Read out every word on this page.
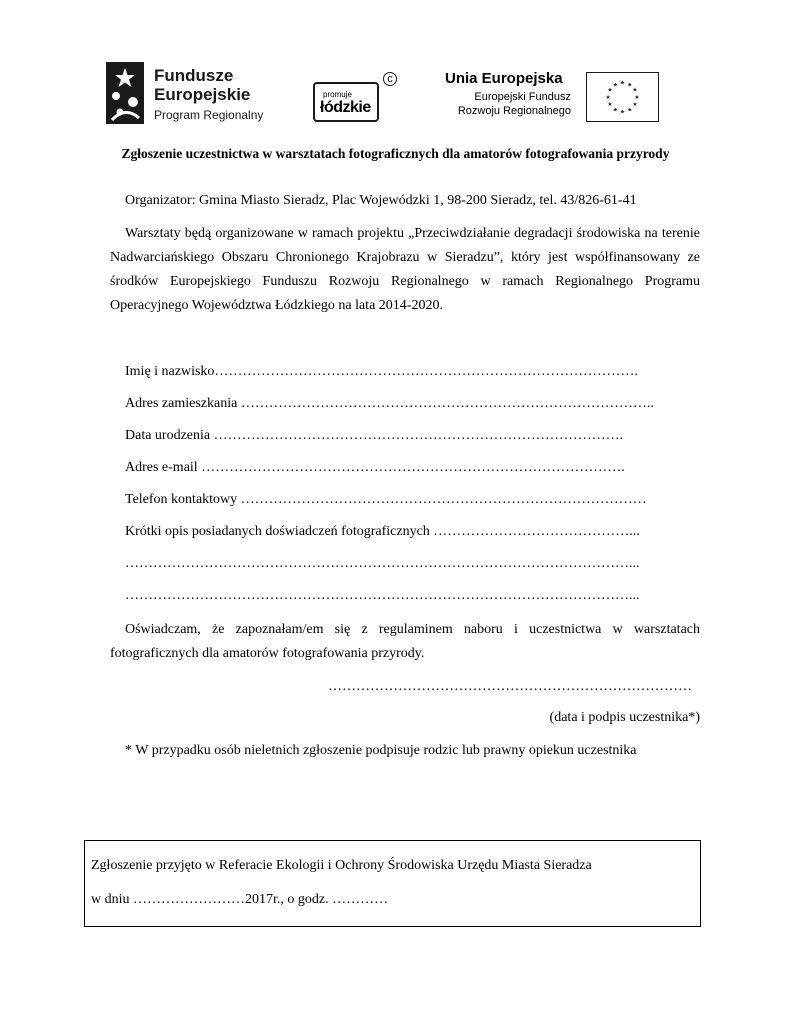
Fundusze
Europejskie
Program Regionalny
promuje
łódzkie
c	Unia Europejska
Europejski Fundusz
Rozwoju Regionalnego
★ ★
★
★
★
★
★
★
★
★
★
★
Zgłoszenie uczestnictwa w warsztatach fotograficznych dla amatorów fotografowania przyrody
Organizator: Gmina Miasto Sieradz, Plac Wojewódzki 1, 98-200 Sieradz, tel. 43/826-61-41
Warsztaty będą organizowane w ramach projektu „Przeciwdziałanie degradacji środowiska na terenie Nadwarciańskiego Obszaru Chronionego Krajobrazu w Sieradzu”, który jest współfinansowany ze środków Europejskiego Funduszu Rozwoju Regionalnego w ramach Regionalnego Programu Operacyjnego Województwa Łódzkiego na lata 2014-2020.
Imię i nazwisko……………………………………………………………………………….
Adres zamieszkania ……………………………………………………………………………..
Data urodzenia …………………………………………………………………………….
Adres e-mail ……………………………………………………………………………….
Telefon kontaktowy ……………………………………………………………………………
Krótki opis posiadanych doświadczeń fotograficznych ……………………………………...
………………………………………………………………………………………………...
………………………………………………………………………………………………...
Oświadczam, że zapoznałam/em się z regulaminem naboru i uczestnictwa w warsztatach fotograficznych dla amatorów fotografowania przyrody.
……………………………………………………………………
(data i podpis uczestnika*)
* W przypadku osób nieletnich zgłoszenie podpisuje rodzic lub prawny opiekun uczestnika
Zgłoszenie przyjęto w Referacie Ekologii i Ochrony Środowiska Urzędu Miasta Sieradza
w dniu ……………………2017r., o godz. …………
